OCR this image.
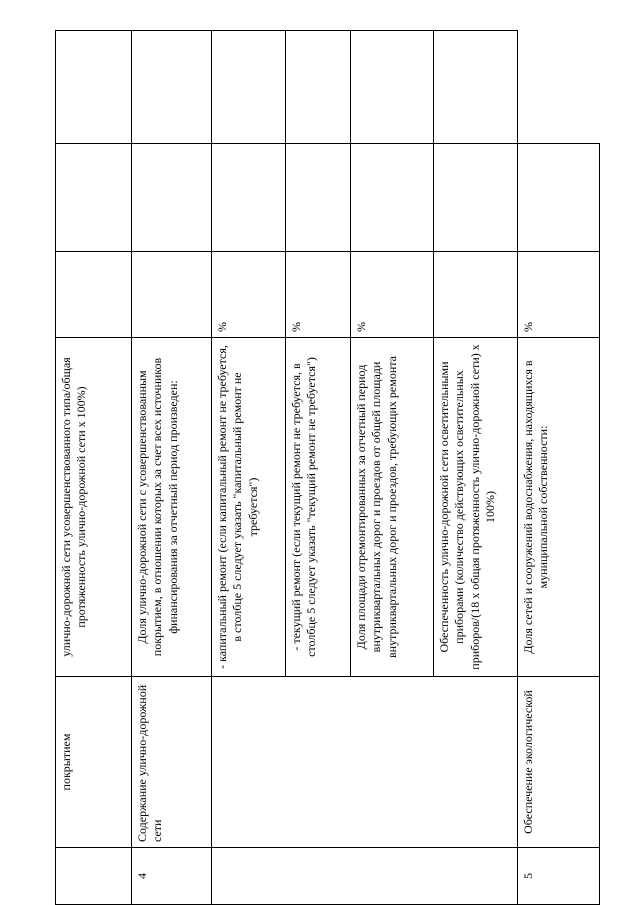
покрытием
улично-дорожной сети усовершенствованного типа/общая протяженность улично-дорожной сети х 100%)
4
Содержание улично-дорожной сети
Доля улично-дорожной сети с усовершенствованным покрытием, в отношении которых за счет всех источников финансирования за отчетный период произведен:	- капитальный ремонт (если капитальный ремонт не требуется, в столбце 5 следует указать "капитальный ремонт не требуется")
%
- текущий ремонт (если текущий ремонт не требуется, в столбце 5 следует указать "текущий ремонт не требуется")
%
Доля площади отремонтированных за отчетный период внутриквартальных дорог и проездов от общей площади внутриквартальных дорог и проездов, требующих ремонта
%
Обеспеченность улично-дорожной сети осветительными приборами (количество действующих осветительных приборов/(18 х общая протяженность улично-дорожной сети) х 100%)
5
Обеспечение экологической
Доля сетей и сооружений водоснабжения, находящихся в муниципальной собственности:
%
